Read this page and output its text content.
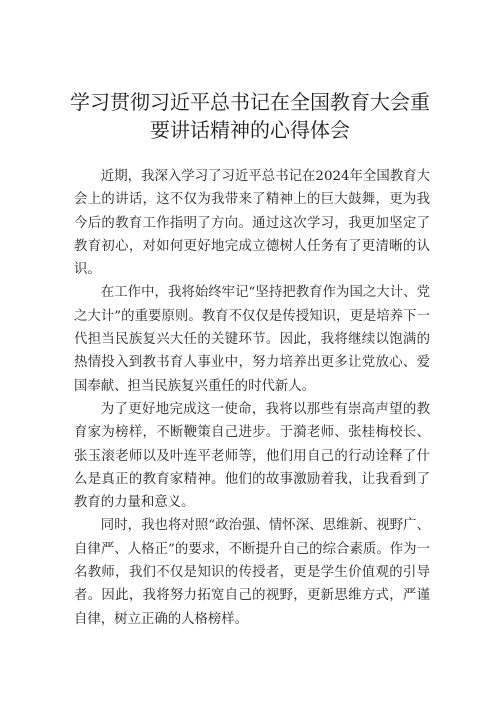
学习贯彻习近平总书记在全国教育大会重
要讲话精神的心得体会

近期，我深入学习了习近平总书记在2024年全国教育大会上的讲话，这不仅为我带来了精神上的巨大鼓舞，更为我今后的教育工作指明了方向。通过这次学习，我更加坚定了教育初心，对如何更好地完成立德树人任务有了更清晰的认识。

在工作中，我将始终牢记“坚持把教育作为国之大计、党之大计”的重要原则。教育不仅仅是传授知识，更是培养下一代担当民族复兴大任的关键环节。因此，我将继续以饱满的热情投入到教书育人事业中，努力培养出更多让党放心、爱国奉献、担当民族复兴重任的时代新人。

为了更好地完成这一使命，我将以那些有崇高声望的教育家为榜样，不断鞭策自己进步。于漪老师、张桂梅校长、张玉滚老师以及叶连平老师等，他们用自己的行动诠释了什么是真正的教育家精神。他们的故事激励着我，让我看到了教育的力量和意义。

同时，我也将对照“政治强、情怀深、思维新、视野广、自律严、人格正”的要求，不断提升自己的综合素质。作为一名教师，我们不仅是知识的传授者，更是学生价值观的引导者。因此，我将努力拓宽自己的视野，更新思维方式，严谨自律，树立正确的人格榜样。
